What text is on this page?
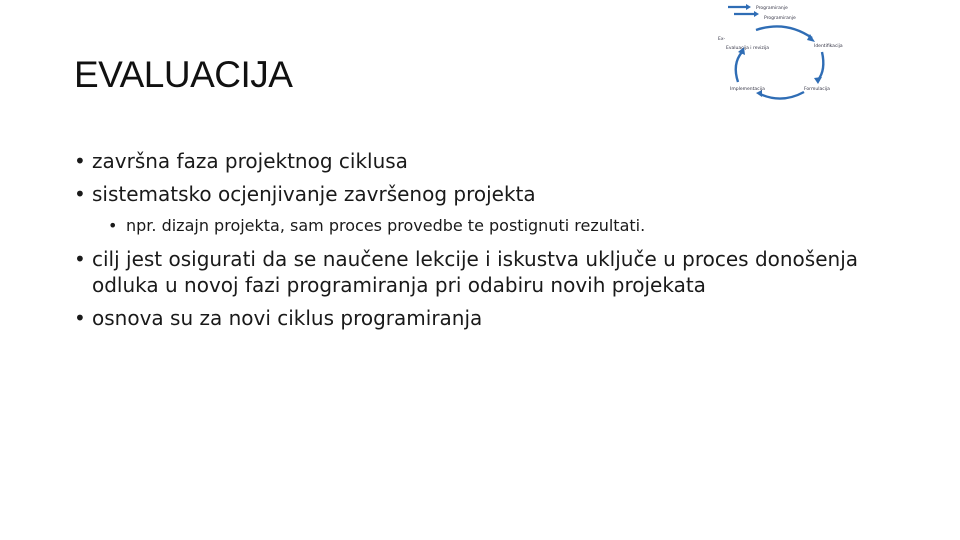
EVALUACIJA
Programiranje
Programiranje
Ex-
Evaluacija i revizija	Identifikacija
Implementacija	Formulacija
• završna faza projektnog ciklusa
• sistematsko ocjenjivanje završenog projekta
• npr. dizajn projekta, sam proces provedbe te postignuti rezultati.
• cilj jest osigurati da se naučene lekcije i iskustva uključe u proces donošenja odluka u novoj fazi programiranja pri odabiru novih projekata
• osnova su za novi ciklus programiranja
